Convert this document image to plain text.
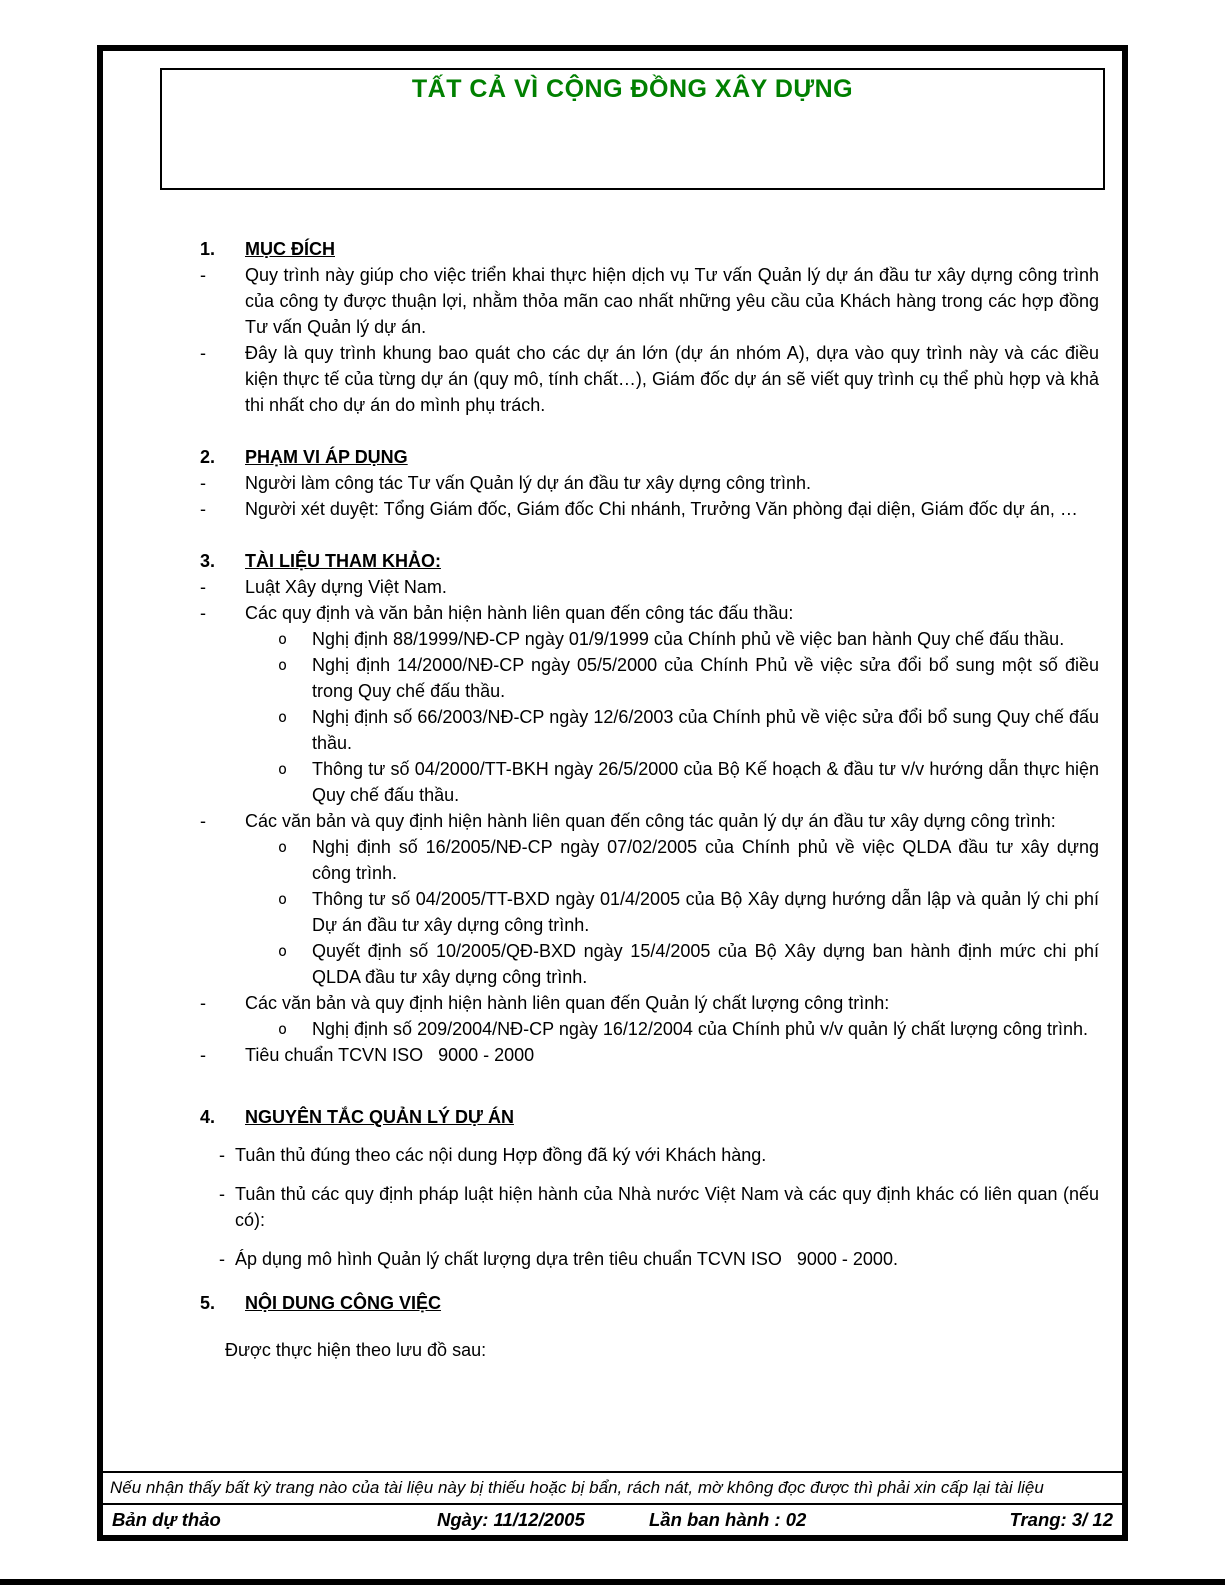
TẤT CẢ VÌ CỘNG ĐỒNG XÂY DỰNG
1.	MỤC ĐÍCH
-	Quy trình này giúp cho việc triển khai thực hiện dịch vụ Tư vấn Quản lý dự án đầu tư xây dựng công trình của công ty được thuận lợi, nhằm thỏa mãn cao nhất những yêu cầu của Khách hàng trong các hợp đồng Tư vấn Quản lý dự án.
-	Đây là quy trình khung bao quát cho các dự án lớn (dự án nhóm A), dựa vào quy trình này và các điều kiện thực tế của từng dự án (quy mô, tính chất…), Giám đốc dự án sẽ viết quy trình cụ thể phù hợp và khả thi nhất cho dự án do mình phụ trách.
2.	PHẠM VI ÁP DỤNG
-	Người làm công tác Tư vấn Quản lý dự án đầu tư xây dựng công trình.
-	Người xét duyệt: Tổng Giám đốc, Giám đốc Chi nhánh, Trưởng Văn phòng đại diện, Giám đốc dự án, …
3.	TÀI LIỆU THAM KHẢO:
-	Luật Xây dựng Việt Nam.
-	Các quy định và văn bản hiện hành liên quan đến công tác đấu thầu:
o	Nghị định 88/1999/NĐ-CP ngày 01/9/1999 của Chính phủ về việc ban hành Quy chế đấu thầu.
o	Nghị định 14/2000/NĐ-CP ngày 05/5/2000 của Chính Phủ về việc sửa đổi bổ sung một số điều trong Quy chế đấu thầu.
o	Nghị định số 66/2003/NĐ-CP ngày 12/6/2003 của Chính phủ về việc sửa đổi bổ sung Quy chế đấu thầu.
o	Thông tư số 04/2000/TT-BKH ngày 26/5/2000 của Bộ Kế hoạch & đầu tư v/v hướng dẫn thực hiện Quy chế đấu thầu.
-	Các văn bản và quy định hiện hành liên quan đến công tác quản lý dự án đầu tư xây dựng công trình:
o	Nghị định số 16/2005/NĐ-CP ngày 07/02/2005 của Chính phủ về việc QLDA đầu tư xây dựng công trình.
o	Thông tư số 04/2005/TT-BXD ngày 01/4/2005 của Bộ Xây dựng hướng dẫn lập và quản lý chi phí Dự án đầu tư xây dựng công trình.
o	Quyết định số 10/2005/QĐ-BXD ngày 15/4/2005 của Bộ Xây dựng ban hành định mức chi phí QLDA đầu tư xây dựng công trình.
-	Các văn bản và quy định hiện hành liên quan đến Quản lý chất lượng công trình:
o	Nghị định số 209/2004/NĐ-CP ngày 16/12/2004 của Chính phủ v/v quản lý chất lượng công trình.
-	Tiêu chuẩn TCVN ISO   9000 - 2000
4.	NGUYÊN TẮC QUẢN LÝ DỰ ÁN
- Tuân thủ đúng theo các nội dung Hợp đồng đã ký với Khách hàng.
- Tuân thủ các quy định pháp luật hiện hành của Nhà nước Việt Nam và các quy định khác có liên quan (nếu có):
- Áp dụng mô hình Quản lý chất lượng dựa trên tiêu chuẩn TCVN ISO   9000 - 2000.
5.	NỘI DUNG CÔNG VIỆC
Được thực hiện theo lưu đồ sau:
Nếu nhận thấy bất kỳ trang nào của tài liệu này bị thiếu hoặc bị bẩn, rách nát, mờ không đọc được thì phải xin cấp lại tài liệu
Bản dự thảo	Ngày: 11/12/2005	Lần ban hành : 02	Trang: 3/ 12
